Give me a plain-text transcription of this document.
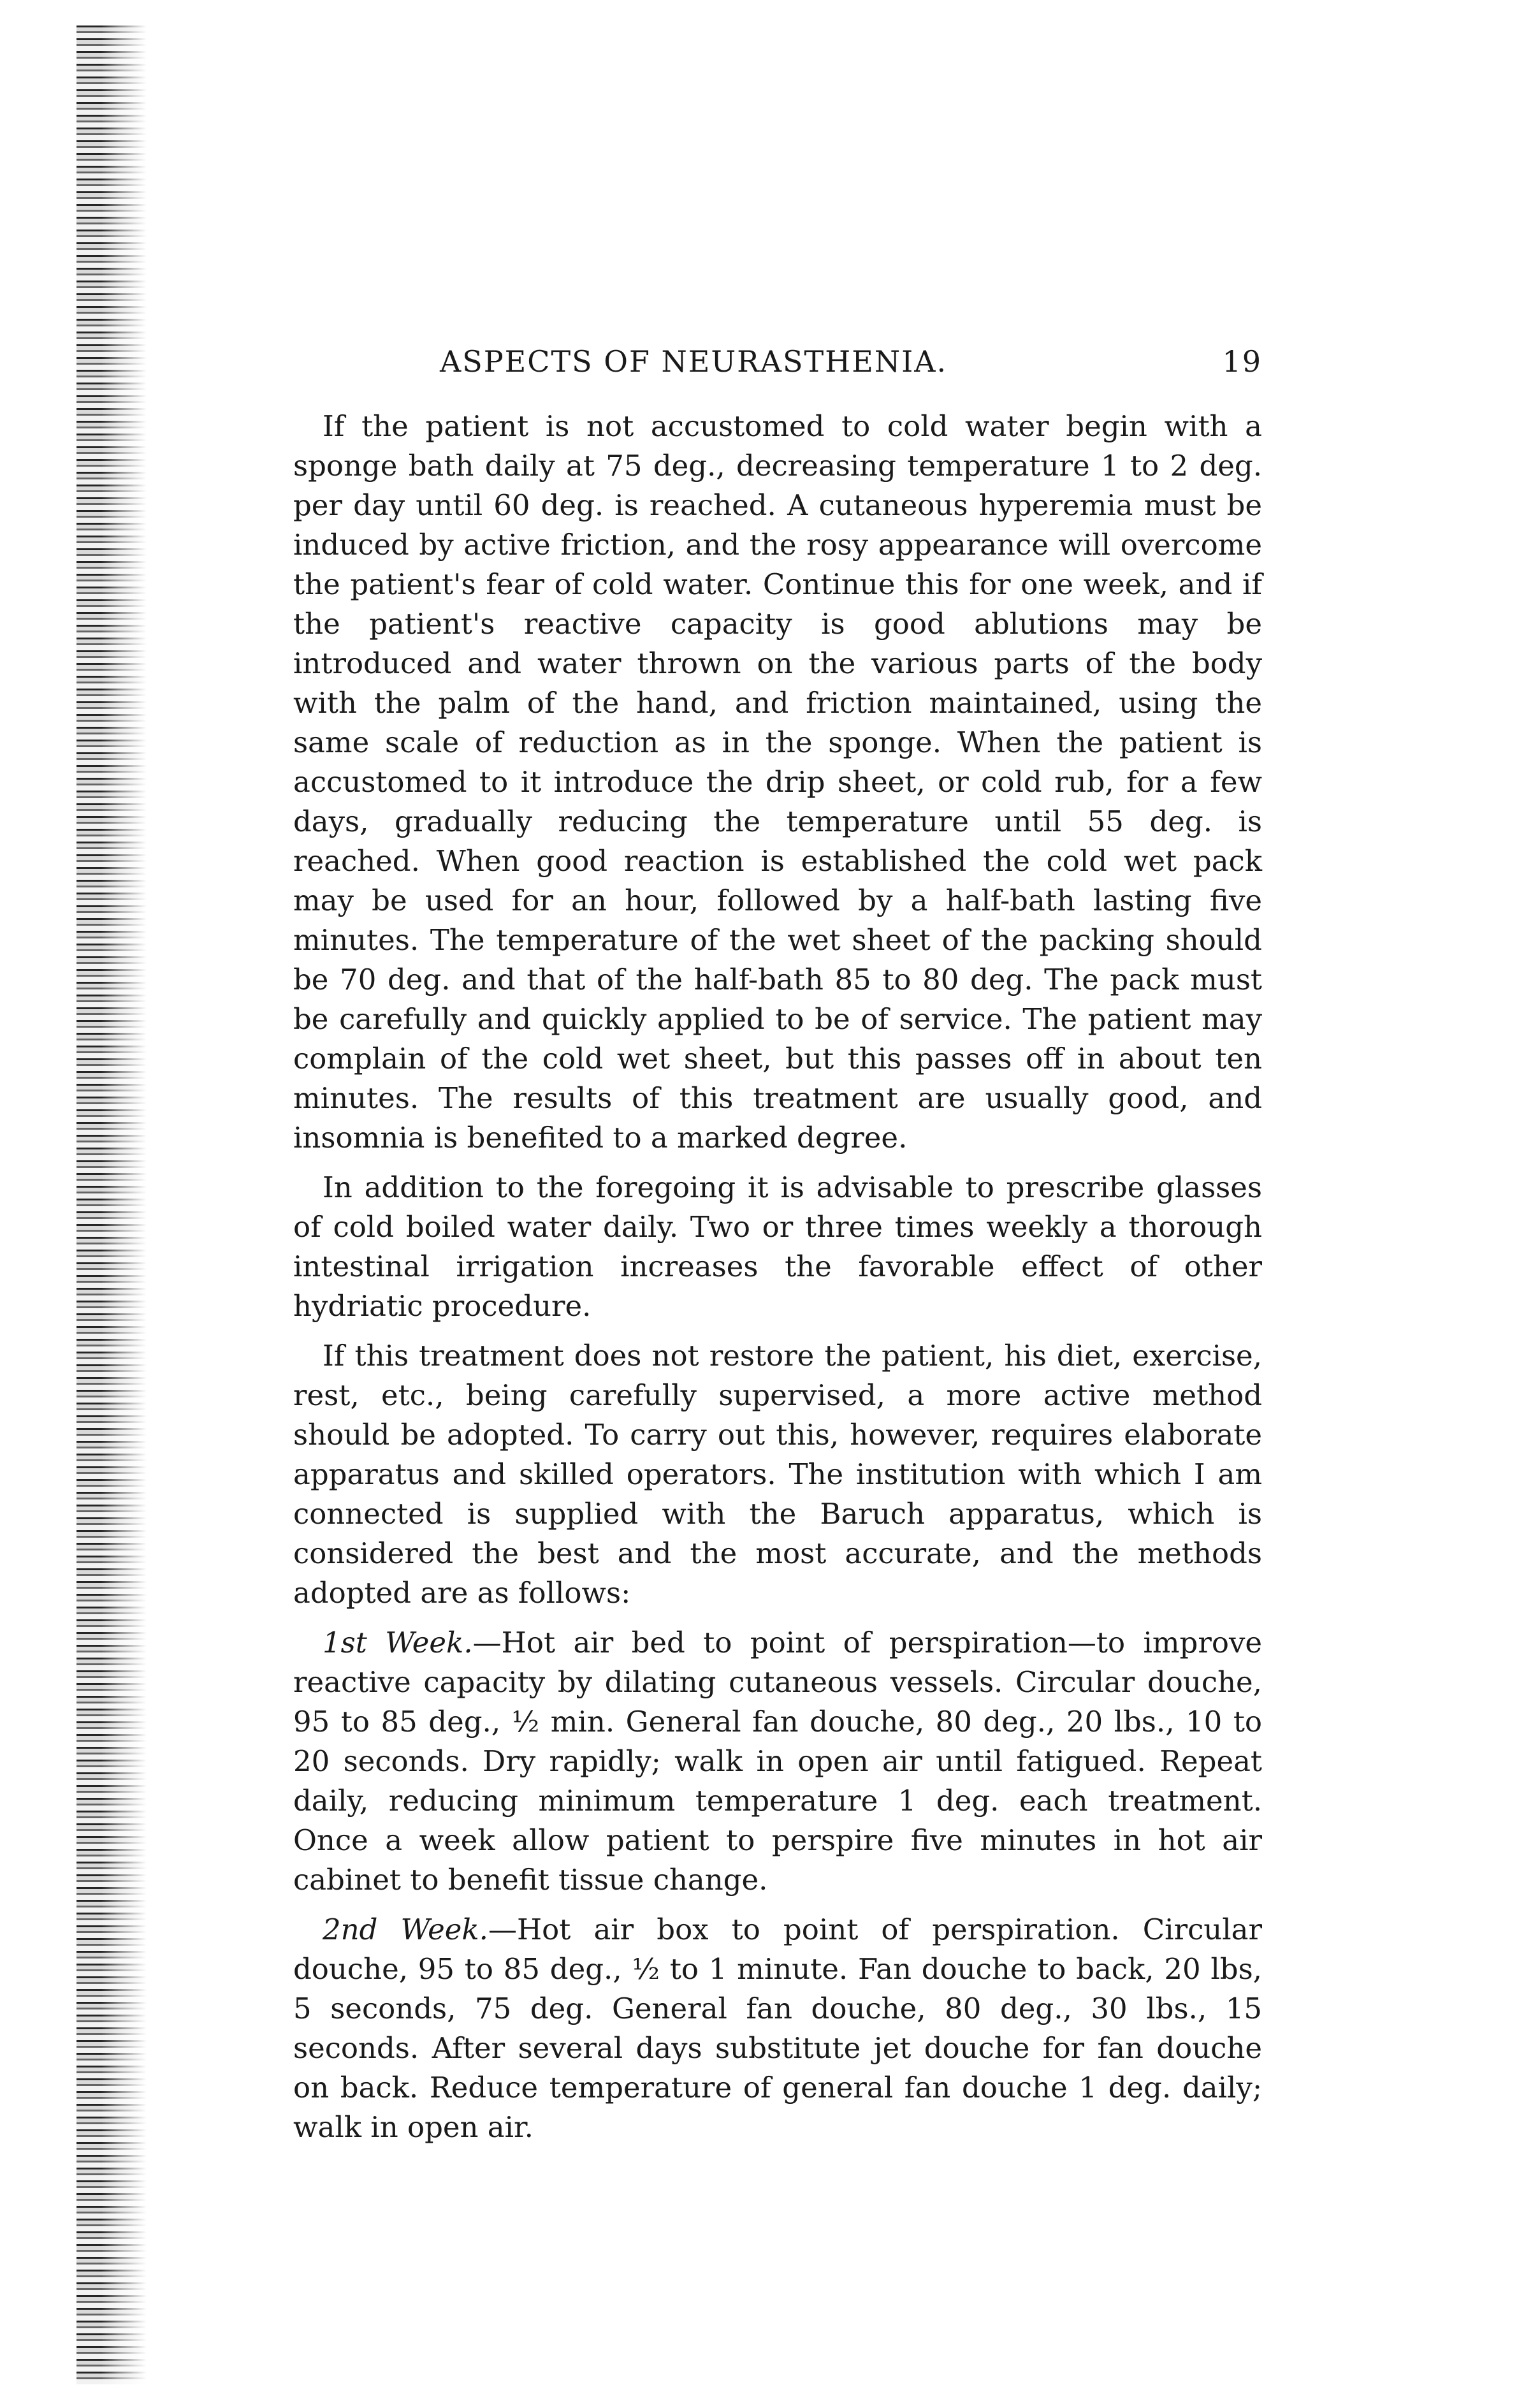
ASPECTS OF NEURASTHENIA.	19

If the patient is not accustomed to cold water begin with a sponge bath daily at 75 deg., decreasing temperature 1 to 2 deg. per day until 60 deg. is reached. A cutaneous hyperemia must be induced by active friction, and the rosy appearance will overcome the patient's fear of cold water. Continue this for one week, and if the patient's reactive capacity is good ablutions may be introduced and water thrown on the various parts of the body with the palm of the hand, and friction maintained, using the same scale of reduction as in the sponge. When the patient is accustomed to it introduce the drip sheet, or cold rub, for a few days, gradually reducing the temperature until 55 deg. is reached. When good reaction is established the cold wet pack may be used for an hour, followed by a half-bath lasting five minutes. The temperature of the wet sheet of the packing should be 70 deg. and that of the half-bath 85 to 80 deg. The pack must be carefully and quickly applied to be of service. The patient may complain of the cold wet sheet, but this passes off in about ten minutes. The results of this treatment are usually good, and insomnia is benefited to a marked degree.

In addition to the foregoing it is advisable to prescribe glasses of cold boiled water daily. Two or three times weekly a thorough intestinal irrigation increases the favorable effect of other hydriatic procedure.

If this treatment does not restore the patient, his diet, exercise, rest, etc., being carefully supervised, a more active method should be adopted. To carry out this, however, requires elaborate apparatus and skilled operators. The institution with which I am connected is supplied with the Baruch apparatus, which is considered the best and the most accurate, and the methods adopted are as follows:

1st Week.—Hot air bed to point of perspiration—to improve reactive capacity by dilating cutaneous vessels. Circular douche, 95 to 85 deg., ½ min. General fan douche, 80 deg., 20 lbs., 10 to 20 seconds. Dry rapidly; walk in open air until fatigued. Repeat daily, reducing minimum temperature 1 deg. each treatment. Once a week allow patient to perspire five minutes in hot air cabinet to benefit tissue change.

2nd Week.—Hot air box to point of perspiration. Circular douche, 95 to 85 deg., ½ to 1 minute. Fan douche to back, 20 lbs, 5 seconds, 75 deg. General fan douche, 80 deg., 30 lbs., 15 seconds. After several days substitute jet douche for fan douche on back. Reduce temperature of general fan douche 1 deg. daily; walk in open air.
